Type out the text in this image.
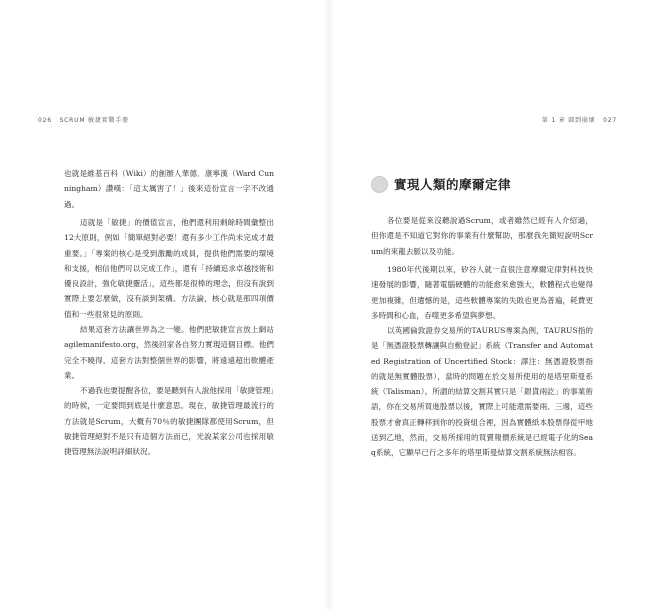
026 SCRUM 敏捷實戰手冊

也就是維基百科（Wiki）的創辦人華德．康寧漢（Ward Cunningham）讚嘆：「這太厲害了！」後來這份宣言一字不改通過。

這就是「敏捷」的價值宣言，他們還利用剩餘時間彙整出12大原則，例如「簡單絕對必要！還有多少工作尚未完成才最重要。」「專案的核心是受到激勵的成員，提供他們需要的環境和支援，相信他們可以完成工作」，還有「持續追求卓越技術和優良設計，強化敏捷靈活」，這些都是很棒的理念，但沒有說到實際上要怎麼做，沒有談到架構、方法論，核心就是那四項價值和一些很常見的原則。

結果這套方法讓世界為之一變。他們把敏捷宣言放上網站agilemanifesto.org，然後回家各自努力實現這個目標。他們完全不曉得，這套方法對整個世界的影響，將遠遠超出軟體產業。

不過我也要提醒各位，要是聽到有人說他採用「敏捷管理」的時候，一定要問到底是什麼意思。現在，敏捷管理最流行的方法就是Scrum，大概有70％的敏捷團隊都使用Scrum，但敏捷管理絕對不是只有這個方法而已，光說某家公司也採用敏捷管理無法說明詳細狀況。

第 1 章 圓到崩壞 027
實現人類的摩爾定律

各位要是從來沒聽說過Scrum，或者雖然已經有人介紹過，但你還是不知道它對你的事業有什麼幫助，那麼我先簡短說明Scrum的來龍去脈以及功能。

1980年代後期以來，矽谷人就一直很注意摩爾定律對科技快速發展的影響，隨著電腦硬體的功能愈來愈強大，軟體程式也變得更加複雜，但遺憾的是，這些軟體專案的失敗也更為普遍，耗費更多時間和心血，吞噬更多希望與夢想。

以英國倫敦證券交易所的TAURUS專案為例，TAURUS指的是「無憑證股票轉讓與自動登記」系統（Transfer and Automated Registration of Uncertified Stock：譯注：無憑證股票指的就是無實體股票），當時的問題在於交易所使用的是塔里斯曼系統（Talisman）。所謂的結算交割其實只是「銀貨兩訖」的事業術語，你在交易所買進股票以後，實際上可能還需要兩、三週，這些股票才會真正轉移到你的投資組合裡，因為實體紙本股票得從甲地送到乙地，然而，交易所採用的買賣報價系統是已經電子化的Seaq系統，它顯早已行之多年的塔里斯曼結算交割系統無法相容。
